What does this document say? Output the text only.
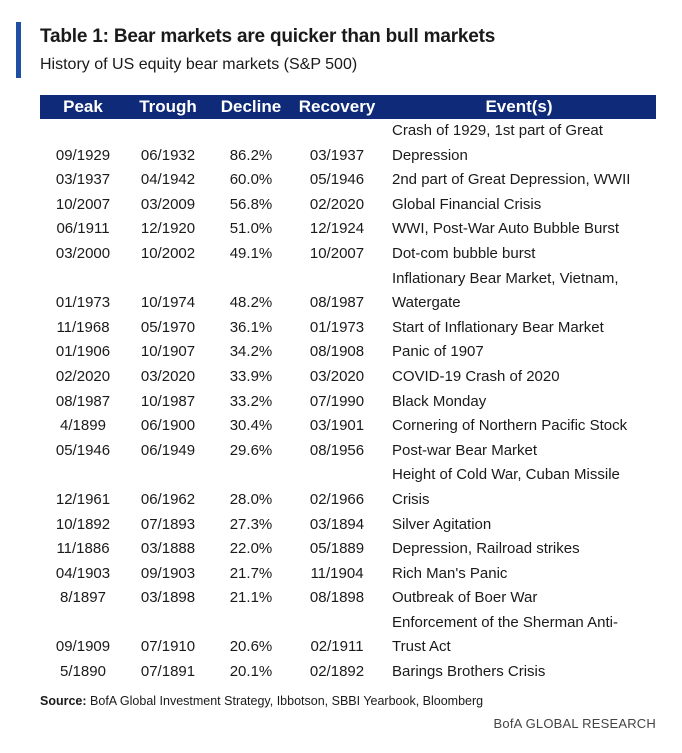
Table 1: Bear markets are quicker than bull markets
History of US equity bear markets (S&P 500)
Peak	Trough	Decline	Recovery	Event(s)
09/1929	06/1932	86.2%	03/1937	Crash of 1929, 1st part of Great
Depression

03/1937	04/1942	60.0%	05/1946	2nd part of Great Depression, WWII

10/2007	03/2009	56.8%	02/2020	Global Financial Crisis

06/1911	12/1920	51.0%	12/1924	WWI, Post-War Auto Bubble Burst

03/2000	10/2002	49.1%	10/2007	Dot-com bubble burst

01/1973	10/1974	48.2%	08/1987	Inflationary Bear Market, Vietnam,
Watergate

11/1968	05/1970	36.1%	01/1973	Start of Inflationary Bear Market

01/1906	10/1907	34.2%	08/1908	Panic of 1907

02/2020	03/2020	33.9%	03/2020	COVID-19 Crash of 2020

08/1987	10/1987	33.2%	07/1990	Black Monday

4/1899	06/1900	30.4%	03/1901	Cornering of Northern Pacific Stock

05/1946	06/1949	29.6%	08/1956	Post-war Bear Market

12/1961	06/1962	28.0%	02/1966	Height of Cold War, Cuban Missile
Crisis

10/1892	07/1893	27.3%	03/1894	Silver Agitation

11/1886	03/1888	22.0%	05/1889	Depression, Railroad strikes

04/1903	09/1903	21.7%	11/1904	Rich Man's Panic

8/1897	03/1898	21.1%	08/1898	Outbreak of Boer War

09/1909	07/1910	20.6%	02/1911	Enforcement of the Sherman Anti-
Trust Act

5/1890	07/1891	20.1%	02/1892	Barings Brothers Crisis
Source: BofA Global Investment Strategy, Ibbotson, SBBI Yearbook, Bloomberg
BofA GLOBAL RESEARCH
